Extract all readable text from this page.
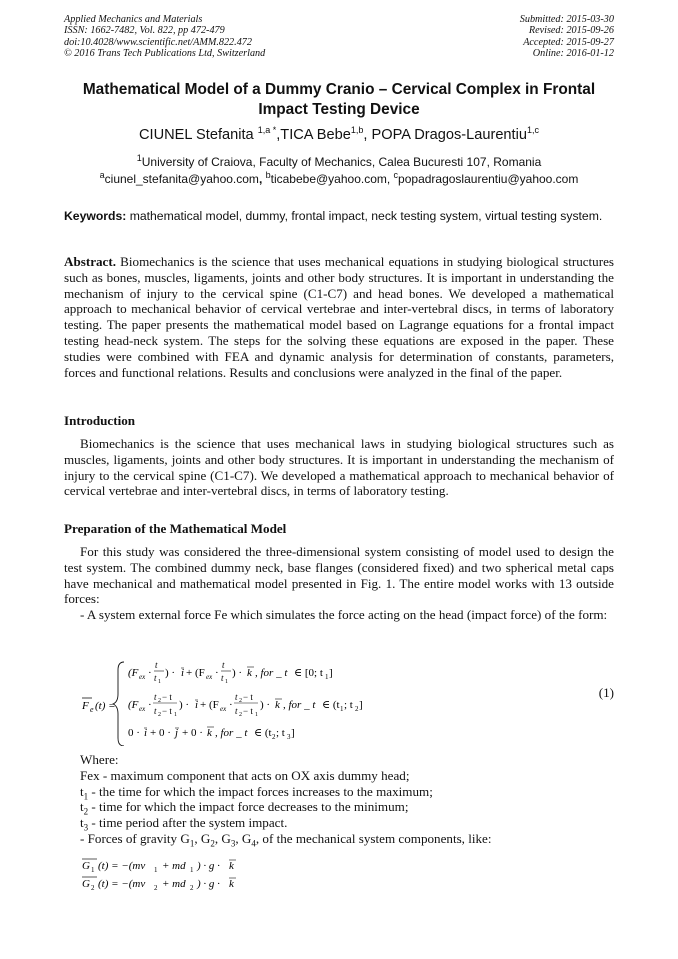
Applied Mechanics and Materials
ISSN: 1662-7482, Vol. 822, pp 472-479
doi:10.4028/www.scientific.net/AMM.822.472
© 2016 Trans Tech Publications Ltd, Switzerland
Submitted: 2015-03-30
Revised: 2015-09-26
Accepted: 2015-09-27
Online: 2016-01-12
Mathematical Model of a Dummy Cranio – Cervical Complex in Frontal Impact Testing Device
CIUNEL Stefanita $^{1,a *}$,TICA Bebe$^{1,b}$, POPA Dragos-Laurentiu$^{1,c}$
$^1$University of Craiova, Faculty of Mechanics, Calea Bucuresti 107, Romania
$^a$ciunel_stefanita@yahoo.com, $^b$ticabebe@yahoo.com, $^c$popadragoslaurentiu@yahoo.com
Keywords: mathematical model, dummy, frontal impact, neck testing system, virtual testing system.
Abstract. Biomechanics is the science that uses mechanical equations in studying biological structures such as bones, muscles, ligaments, joints and other body structures. It is important in understanding the mechanism of injury to the cervical spine (C1-C7) and head bones. We developed a mathematical approach to mechanical behavior of cervical vertebrae and inter-vertebral discs, in terms of laboratory testing. The paper presents the mathematical model based on Lagrange equations for a frontal impact testing head-neck system. The steps for the solving these equations are exposed in the paper. These studies were combined with FEA and dynamic analysis for determination of constants, parameters, forces and functional relations. Results and conclusions were analyzed in the final of the paper.
Introduction
Biomechanics is the science that uses mechanical laws in studying biological structures such as muscles, ligaments, joints and other body structures. It is important in understanding the mechanism of injury to the cervical spine (C1-C7). We developed a mathematical approach to mechanical behavior of cervical vertebrae and inter-vertebral discs, in terms of laboratory testing.
Preparation of the Mathematical Model
For this study was considered the three-dimensional system consisting of model used to design the test system. The combined dummy neck, base flanges (considered fixed) and two spherical metal caps have mechanical and mathematical model presented in Fig. 1. The entire model works with 13 outside forces:
- A system external force Fe which simulates the force acting on the head (impact force) of the form:
F e (t) =
(F ex ·
t
t 1
) · i + (F ex ·
t
t 1
) · k , for _ t ∈ [0; t 1 ]
(F ex ·
t 2 − t
t 2 − t 1
) · i + (F ex ·
t 2 − t
t 2 − t 1
) · k , for _ t ∈ (t 1 ; t 2 ]
0 · i + 0 · j + 0 · k , for _ t ∈ (t 2 ; t 3 ]
(1)
Where:
Fex - maximum component that acts on OX axis dummy head;
$t_1$ - the time for which the impact forces increases to the maximum;
$t_2$ - time for which the impact force decreases to the minimum;
$t_3$ - time period after the system impact.
- Forces of gravity $G_1$, $G_2$, $G_3$, $G_4$, of the mechanical system components, like:
G 1 (t) = −(mv 1 + md 1 ) · g · k
G 2 (t) = −(mv 2 + md 2 ) · g · k
